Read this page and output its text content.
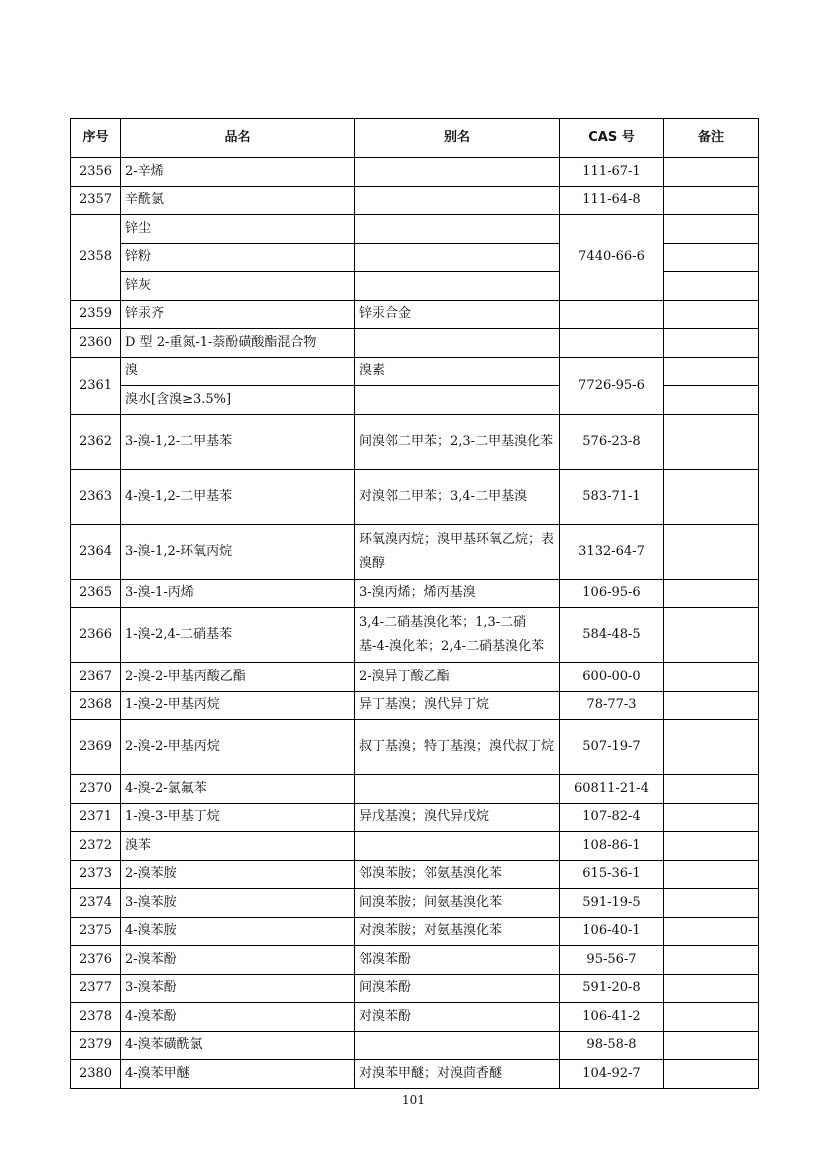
序号	品名	别名	CAS 号	备注
2356	2-辛烯		111-67-1	
2357	辛酰氯		111-64-8	
2358	锌尘		7440-66-6	
	锌粉			
	锌灰			
2359	锌汞齐	锌汞合金		
2360	D 型 2-重氮-1-萘酚磺酸酯混合物			
2361	溴	溴素	7726-95-6	
	溴水[含溴≥3.5%]			
2362	3-溴-1,2-二甲基苯	间溴邻二甲苯；2,3-二甲基溴化苯	576-23-8	
2363	4-溴-1,2-二甲基苯	对溴邻二甲苯；3,4-二甲基溴	583-71-1	
2364	3-溴-1,2-环氧丙烷	环氧溴丙烷；溴甲基环氧乙烷；表溴醇	3132-64-7	
2365	3-溴-1-丙烯	3-溴丙烯；烯丙基溴	106-95-6	
2366	1-溴-2,4-二硝基苯	3,4-二硝基溴化苯；1,3-二硝基-4-溴化苯；2,4-二硝基溴化苯	584-48-5	
2367	2-溴-2-甲基丙酸乙酯	2-溴异丁酸乙酯	600-00-0	
2368	1-溴-2-甲基丙烷	异丁基溴；溴代异丁烷	78-77-3	
2369	2-溴-2-甲基丙烷	叔丁基溴；特丁基溴；溴代叔丁烷	507-19-7	
2370	4-溴-2-氯氟苯		60811-21-4	
2371	1-溴-3-甲基丁烷	异戊基溴；溴代异戊烷	107-82-4	
2372	溴苯		108-86-1	
2373	2-溴苯胺	邻溴苯胺；邻氨基溴化苯	615-36-1	
2374	3-溴苯胺	间溴苯胺；间氨基溴化苯	591-19-5	
2375	4-溴苯胺	对溴苯胺；对氨基溴化苯	106-40-1	
2376	2-溴苯酚	邻溴苯酚	95-56-7	
2377	3-溴苯酚	间溴苯酚	591-20-8	
2378	4-溴苯酚	对溴苯酚	106-41-2	
2379	4-溴苯磺酰氯		98-58-8	
2380	4-溴苯甲醚	对溴苯甲醚；对溴茴香醚	104-92-7	
101
